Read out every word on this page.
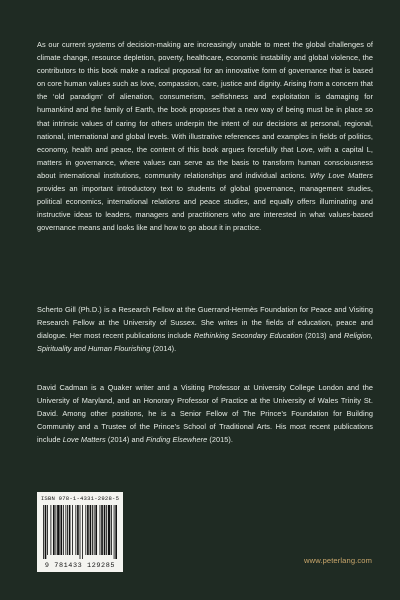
As our current systems of decision-making are increasingly unable to meet the global challenges of climate change, resource depletion, poverty, healthcare, economic instability and global violence, the contributors to this book make a radical proposal for an innovative form of governance that is based on core human values such as love, compassion, care, justice and dignity. Arising from a concern that the ‘old paradigm’ of alienation, consumerism, selfishness and exploitation is damaging for humankind and the family of Earth, the book proposes that a new way of being must be in place so that intrinsic values of caring for others underpin the intent of our decisions at personal, regional, national, international and global levels. With illustrative references and examples in fields of politics, economy, health and peace, the content of this book argues forcefully that Love, with a capital L, matters in governance, where values can serve as the basis to transform human consciousness about international institutions, community relationships and individual actions. Why Love Matters provides an important introductory text to students of global governance, management studies, political economics, international relations and peace studies, and equally offers illuminating and instructive ideas to leaders, managers and practitioners who are interested in what values-based governance means and looks like and how to go about it in practice.

Scherto Gill (Ph.D.) is a Research Fellow at the Guerrand-Hermès Foundation for Peace and Visiting Research Fellow at the University of Sussex. She writes in the fields of education, peace and dialogue. Her most recent publications include Rethinking Secondary Education (2013) and Religion, Spirituality and Human Flourishing (2014).

David Cadman is a Quaker writer and a Visiting Professor at University College London and the University of Maryland, and an Honorary Professor of Practice at the University of Wales Trinity St. David. Among other positions, he is a Senior Fellow of The Prince’s Foundation for Building Community and a Trustee of the Prince’s School of Traditional Arts. His most recent publications include Love Matters (2014) and Finding Elsewhere (2015).

ISBN 978-1-4331-2928-5
9 781433 129285
www.peterlang.com
